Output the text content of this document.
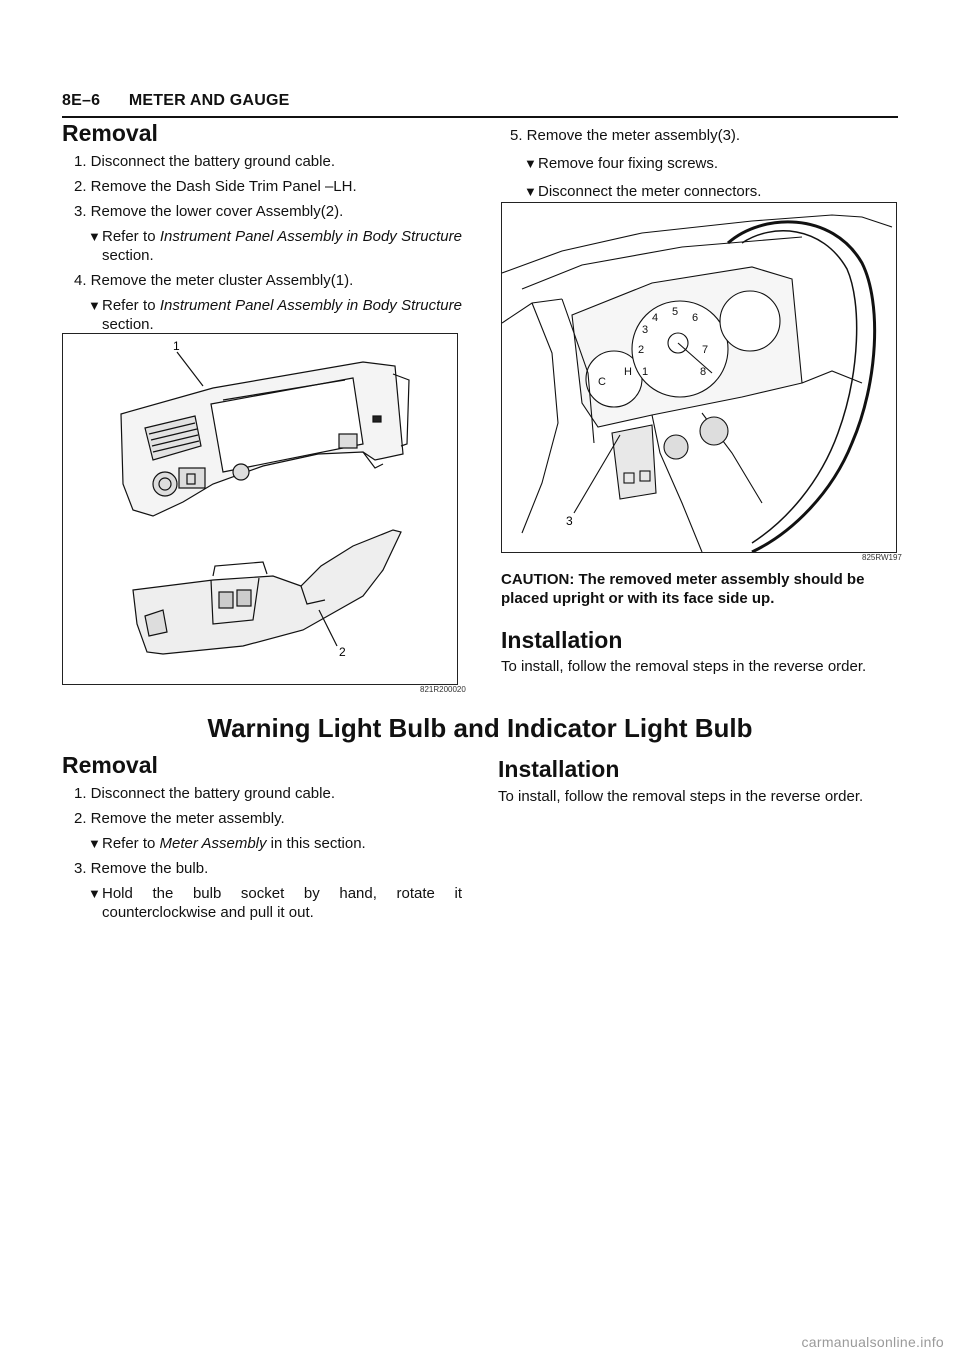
8E–6 METER AND GAUGE
Removal

1. Disconnect the battery ground cable.

2. Remove the Dash Side Trim Panel –LH.

3. Remove the lower cover Assembly(2).

▼Refer to Instrument Panel Assembly in Body Structure section.

4. Remove the meter cluster Assembly(1).

▼Refer to Instrument Panel Assembly in Body Structure section.

1
2
821R200020

5. Remove the meter assembly(3).

▼Remove four fixing screws.

▼Disconnect the meter connectors.

3
4 5 6
7
8
2
1
C
H
3
825RW197
CAUTION: The removed meter assembly should be placed upright or with its face side up.
Installation
To install, follow the removal steps in the reverse order.
Warning Light Bulb and Indicator Light Bulb
Removal

1. Disconnect the battery ground cable.

2. Remove the meter assembly.

▼Refer to Meter Assembly in this section.

3. Remove the bulb.

▼Hold the bulb socket by hand, rotate it counterclockwise and pull it out.

Installation
To install, follow the removal steps in the reverse order.
carmanualsonline.info
